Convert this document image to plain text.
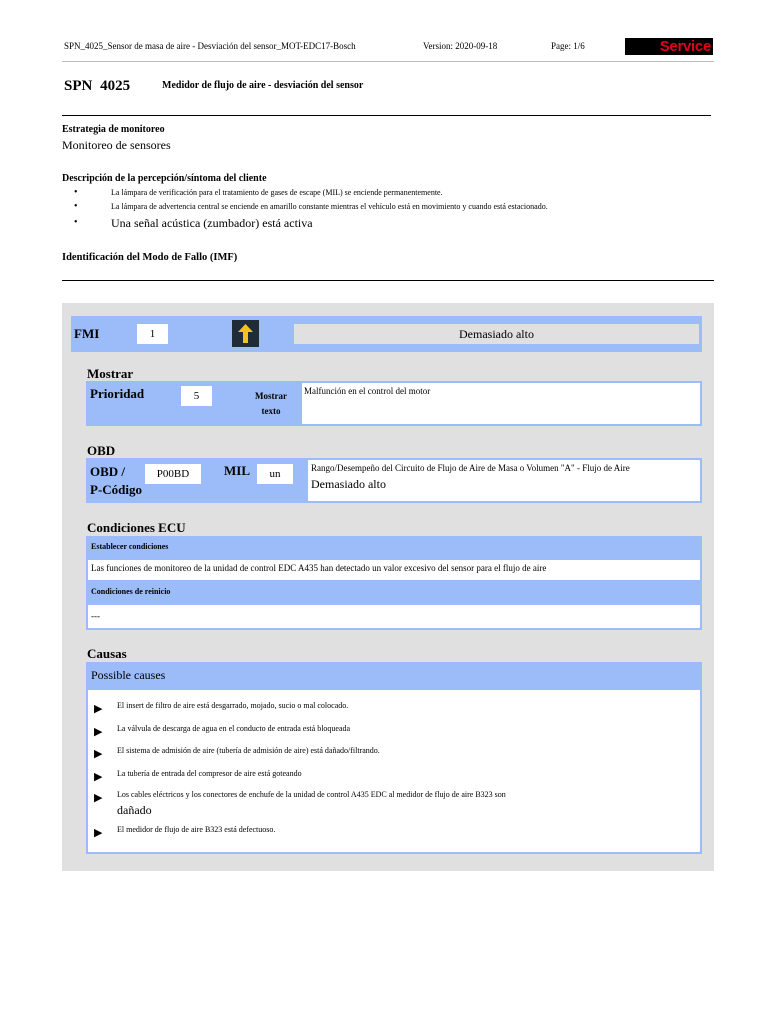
SPN_4025_Sensor de masa de aire - Desviación del sensor_MOT-EDC17-Bosch	Version: 2020-09-18	Page: 1/6	Service
SPN 4025	Medidor de flujo de aire - desviación del sensor
Estrategia de monitoreo
Monitoreo de sensores
Descripción de la percepción/síntoma del cliente
• La lámpara de verificación para el tratamiento de gases de escape (MIL) se enciende permanentemente.
• La lámpara de advertencia central se enciende en amarillo constante mientras el vehículo está en movimiento y cuando está estacionado.
• Una señal acústica (zumbador) está activa
Identificación del Modo de Fallo (IMF)
FMI	1	Demasiado alto
Mostrar
Prioridad	5	Mostrar
texto
Malfunción en el control del motor
OBD
OBD /
P-Código
P00BD	MIL	un	Rango/Desempeño del Circuito de Flujo de Aire de Masa o Volumen "A" - Flujo de Aire
Demasiado alto
Condiciones ECU
Establecer condiciones
Las funciones de monitoreo de la unidad de control EDC A435 han detectado un valor excesivo del sensor para el flujo de aire
Condiciones de reinicio
---
Causas
Possible causes
▶ El insert de filtro de aire está desgarrado, mojado, sucio o mal colocado.
▶ La válvula de descarga de agua en el conducto de entrada está bloqueada
▶ El sistema de admisión de aire (tubería de admisión de aire) está dañado/filtrando.
▶ La tubería de entrada del compresor de aire está goteando
▶ Los cables eléctricos y los conectores de enchufe de la unidad de control A435 EDC al medidor de flujo de aire B323 son
dañado
▶ El medidor de flujo de aire B323 está defectuoso.
